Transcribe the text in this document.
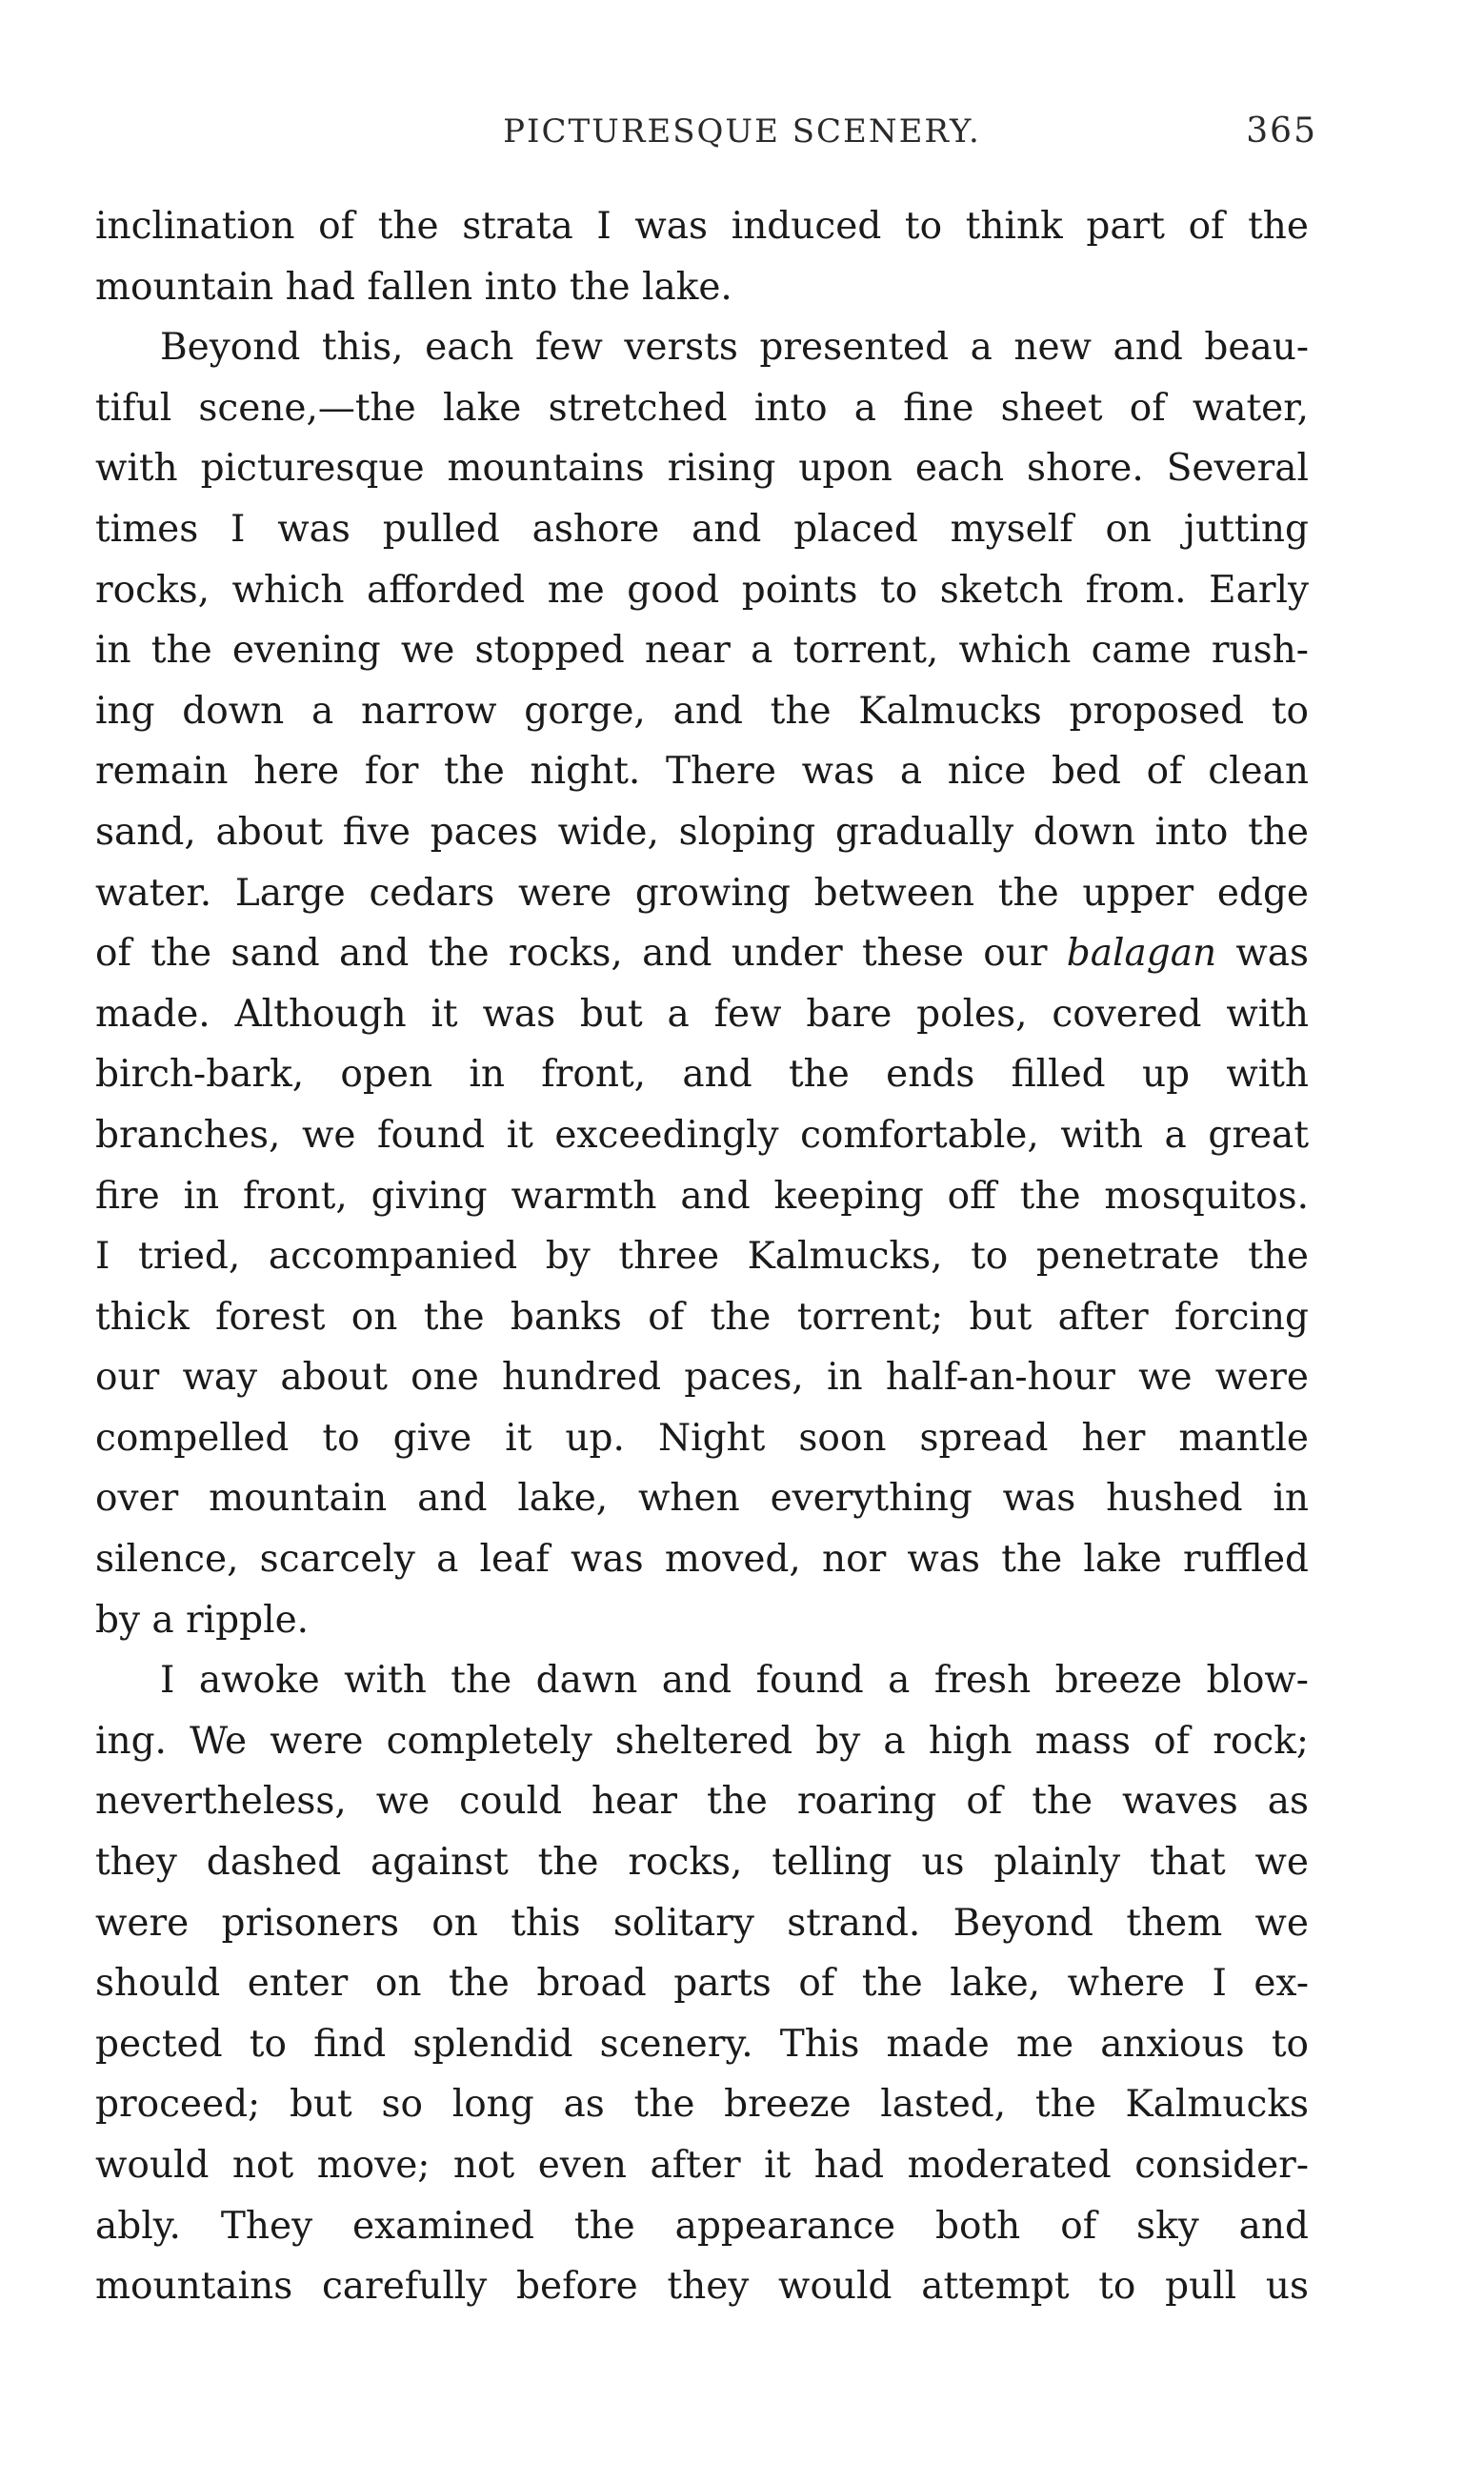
PICTURESQUE SCENERY.	365
inclination of the strata I was induced to think part of the
mountain had fallen into the lake.
Beyond this, each few versts presented a new and beau-
tiful scene,—the lake stretched into a fine sheet of water,
with picturesque mountains rising upon each shore. Several
times I was pulled ashore and placed myself on jutting
rocks, which afforded me good points to sketch from. Early
in the evening we stopped near a torrent, which came rush-
ing down a narrow gorge, and the Kalmucks proposed to
remain here for the night. There was a nice bed of clean
sand, about five paces wide, sloping gradually down into the
water. Large cedars were growing between the upper edge
of the sand and the rocks, and under these our balagan was
made. Although it was but a few bare poles, covered with
birch-bark, open in front, and the ends filled up with
branches, we found it exceedingly comfortable, with a great
fire in front, giving warmth and keeping off the mosquitos.
I tried, accompanied by three Kalmucks, to penetrate the
thick forest on the banks of the torrent; but after forcing
our way about one hundred paces, in half-an-hour we were
compelled to give it up. Night soon spread her mantle
over mountain and lake, when everything was hushed in
silence, scarcely a leaf was moved, nor was the lake ruffled
by a ripple.
I awoke with the dawn and found a fresh breeze blow-
ing. We were completely sheltered by a high mass of rock;
nevertheless, we could hear the roaring of the waves as
they dashed against the rocks, telling us plainly that we
were prisoners on this solitary strand. Beyond them we
should enter on the broad parts of the lake, where I ex-
pected to find splendid scenery. This made me anxious to
proceed; but so long as the breeze lasted, the Kalmucks
would not move; not even after it had moderated consider-
ably. They examined the appearance both of sky and
mountains carefully before they would attempt to pull us
